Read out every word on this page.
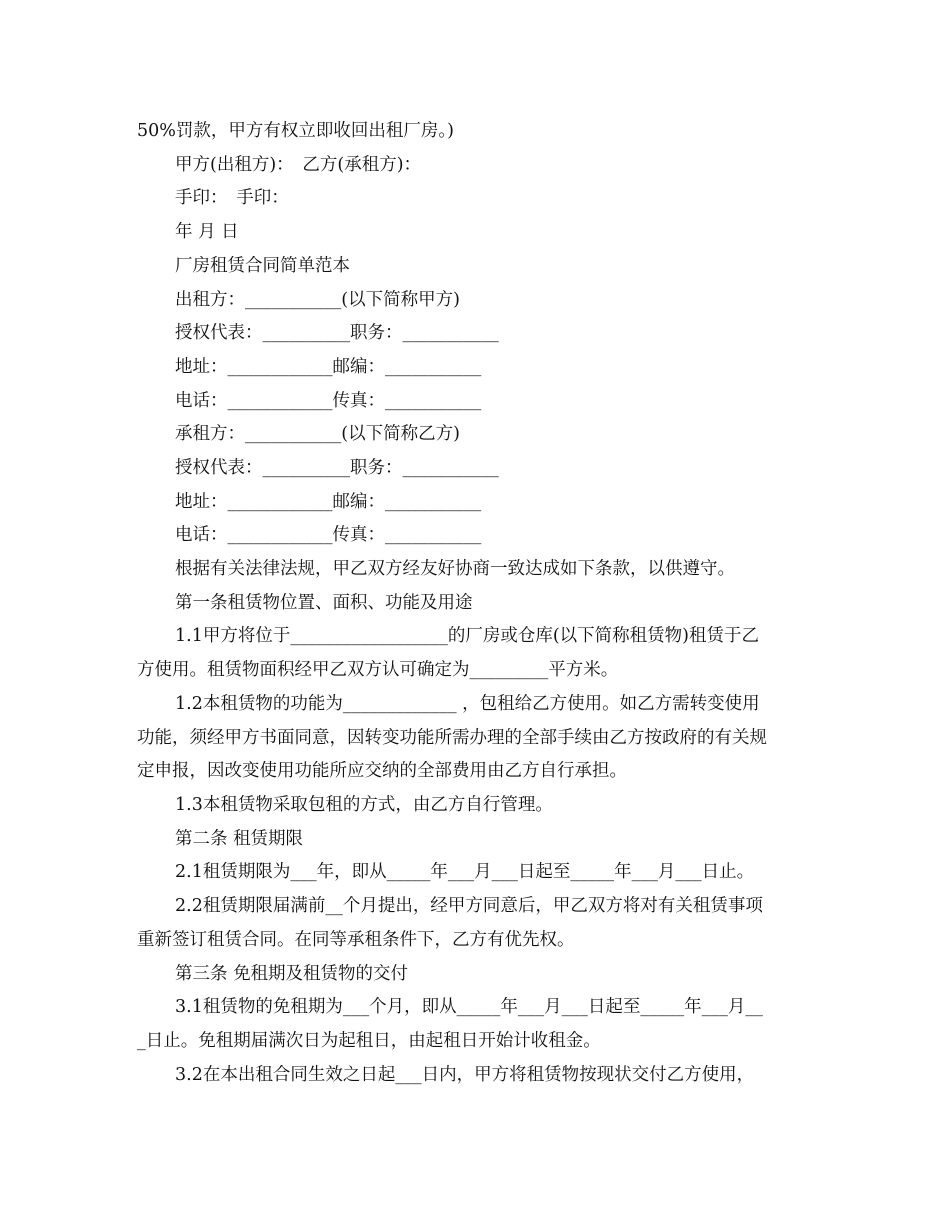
50%罚款，甲方有权立即收回出租厂房。)
甲方(出租方)：　乙方(承租方)：
手印：　手印：
年 月 日
厂房租赁合同简单范本
出租方：___________(以下简称甲方)
授权代表：__________职务：___________
地址：____________邮编：___________
电话：____________传真：___________
承租方：___________(以下简称乙方)
授权代表：__________职务：___________
地址：____________邮编：___________
电话：____________传真：___________
根据有关法律法规，甲乙双方经友好协商一致达成如下条款，以供遵守。
第一条租赁物位置、面积、功能及用途
1.1甲方将位于__________________的厂房或仓库(以下简称租赁物)租赁于乙
方使用。租赁物面积经甲乙双方认可确定为_________平方米。
1.2本租赁物的功能为_____________ ，包租给乙方使用。如乙方需转变使用
功能，须经甲方书面同意，因转变功能所需办理的全部手续由乙方按政府的有关规
定申报，因改变使用功能所应交纳的全部费用由乙方自行承担。
1.3本租赁物采取包租的方式，由乙方自行管理。
第二条 租赁期限
2.1租赁期限为___年，即从_____年___月___日起至_____年___月___日止。
2.2租赁期限届满前__个月提出，经甲方同意后，甲乙双方将对有关租赁事项
重新签订租赁合同。在同等承租条件下，乙方有优先权。
第三条 免租期及租赁物的交付
3.1租赁物的免租期为___个月，即从_____年___月___日起至_____年___月__
_日止。免租期届满次日为起租日，由起租日开始计收租金。
3.2在本出租合同生效之日起___日内，甲方将租赁物按现状交付乙方使用，
